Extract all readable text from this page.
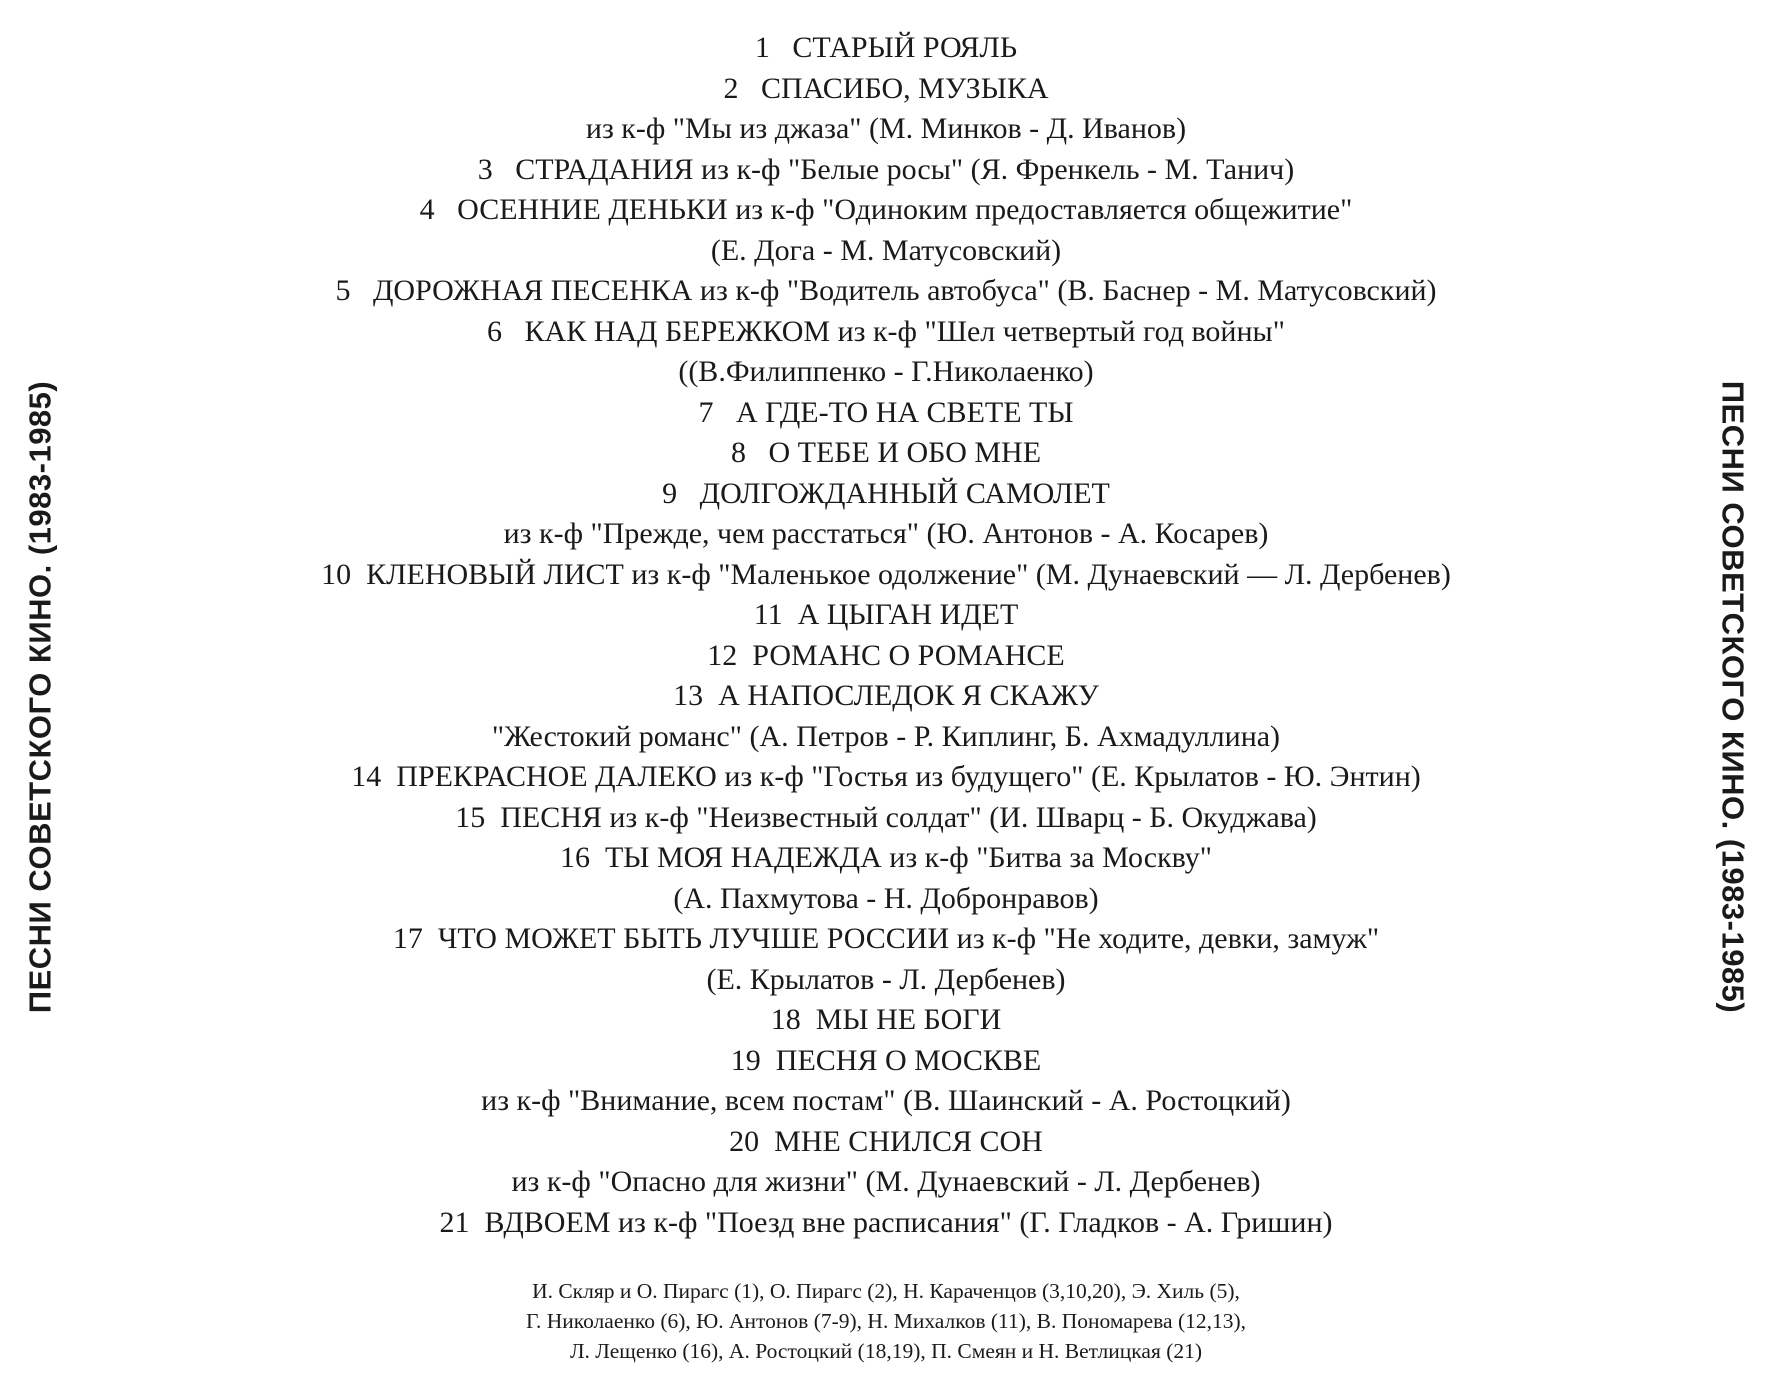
ПЕСНИ СОВЕТСКОГО КИНО. (1983-1985)
1   СТАРЫЙ РОЯЛЬ
2   СПАСИБО, МУЗЫКА
из к-ф "Мы из джаза" (М. Минков - Д. Иванов)
3   СТРАДАНИЯ из к-ф "Белые росы" (Я. Френкель - М. Танич)
4   ОСЕННИЕ ДЕНЬКИ из к-ф "Одиноким предоставляется общежитие"
(Е. Дога - М. Матусовский)
5   ДОРОЖНАЯ ПЕСЕНКА из к-ф "Водитель автобуса" (В. Баснер - М. Матусовский)
6   КАК НАД БЕРЕЖКОМ из к-ф "Шел четвертый год войны"
((В.Филиппенко - Г.Николаенко)
7   А ГДЕ-ТО НА СВЕТЕ ТЫ
8   О ТЕБЕ И ОБО МНЕ
9   ДОЛГОЖДАННЫЙ САМОЛЕТ
из к-ф "Прежде, чем расстаться" (Ю. Антонов - А. Косарев)
10  КЛЕНОВЫЙ ЛИСТ из к-ф "Маленькое одолжение" (М. Дунаевский — Л. Дербенев)
11  А ЦЫГАН ИДЕТ
12  РОМАНС О РОМАНСЕ
13  А НАПОСЛЕДОК Я СКАЖУ
"Жестокий романс" (А. Петров - Р. Киплинг, Б. Ахмадуллина)
14  ПРЕКРАСНОЕ ДАЛЕКО из к-ф "Гостья из будущего" (Е. Крылатов - Ю. Энтин)
15  ПЕСНЯ из к-ф "Неизвестный солдат" (И. Шварц - Б. Окуджава)
16  ТЫ МОЯ НАДЕЖДА из к-ф "Битва за Москву"
(А. Пахмутова - Н. Добронравов)
17  ЧТО МОЖЕТ БЫТЬ ЛУЧШЕ РОССИИ из к-ф "Не ходите, девки, замуж"
(Е. Крылатов - Л. Дербенев)
18  МЫ НЕ БОГИ
19  ПЕСНЯ О МОСКВЕ
из к-ф "Внимание, всем постам" (В. Шаинский - А. Ростоцкий)
20  МНЕ СНИЛСЯ СОН
из к-ф "Опасно для жизни" (М. Дунаевский - Л. Дербенев)
21  ВДВОЕМ из к-ф "Поезд вне расписания" (Г. Гладков - А. Гришин)
И. Скляр и О. Пирагс (1), О. Пирагс (2), Н. Караченцов (3,10,20), Э. Хиль (5),
Г. Николаенко (6), Ю. Антонов (7-9), Н. Михалков (11), В. Пономарева (12,13),
Л. Лещенко (16), А. Ростоцкий (18,19), П. Смеян и Н. Ветлицкая (21)
ПЕСНИ СОВЕТСКОГО КИНО. (1983-1985)
